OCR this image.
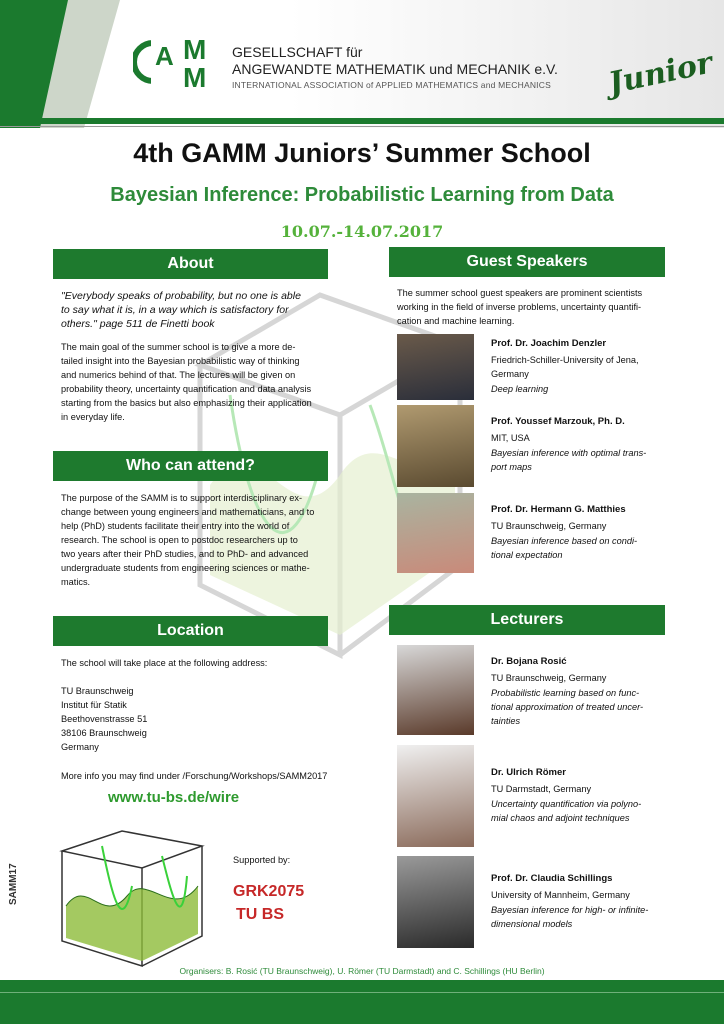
A M
M
GESELLSCHAFT für
ANGEWANDTE MATHEMATIK und MECHANIK e.V.
INTERNATIONAL ASSOCIATION of APPLIED MATHEMATICS and MECHANICS Junior
4th GAMM Juniors’ Summer School
Bayesian Inference: Probabilistic Learning from Data
10.07.-14.07.2017
About
"Everybody speaks of probability, but no one is able
to say what it is, in a way which is satisfactory for
others." page 511 de Finetti book
The main goal of the summer school is to give a more de-
tailed insight into the Bayesian probabilistic way of thinking
and numerics behind of that. The lectures will be given on
probability theory, uncertainty quantification and data analysis
starting from the basics but also emphasizing their application
in everyday life.
Who can attend?
The purpose of the SAMM is to support interdisciplinary ex-
change between young engineers and mathematicians, and to
help (PhD) students facilitate their entry into the world of
research. The school is open to postdoc researchers up to
two years after their PhD studies, and to PhD- and advanced
undergraduate students from engineering sciences or mathe-
matics.
Location
The school will take place at the following address:
TU Braunschweig
Institut für Statik
Beethovenstrasse 51
38106 Braunschweig
Germany
More info you may find under /Forschung/Workshops/SAMM2017
www.tu-bs.de/wire
SAMM17
Supported by:
GRK2075
TU BS
Guest Speakers
The summer school guest speakers are prominent scientists
working in the field of inverse problems, uncertainty quantifi-
cation and machine learning.
Prof. Dr. Joachim Denzler
Friedrich-Schiller-University of Jena,
Germany
Deep learning
Prof. Youssef Marzouk, Ph. D.
MIT, USA
Bayesian inference with optimal trans-
port maps
Prof. Dr. Hermann G. Matthies
TU Braunschweig, Germany
Bayesian inference based on condi-
tional expectation
Lecturers
Dr. Bojana Rosić
TU Braunschweig, Germany
Probabilistic learning based on func-
tional approximation of treated uncer-
tainties
Dr. Ulrich Römer
TU Darmstadt, Germany
Uncertainty quantification via polyno-
mial chaos and adjoint techniques
Prof. Dr. Claudia Schillings
University of Mannheim, Germany
Bayesian inference for high- or infinite-
dimensional models
Organisers: B. Rosić (TU Braunschweig), U. Römer (TU Darmstadt) and C. Schillings (HU Berlin)
